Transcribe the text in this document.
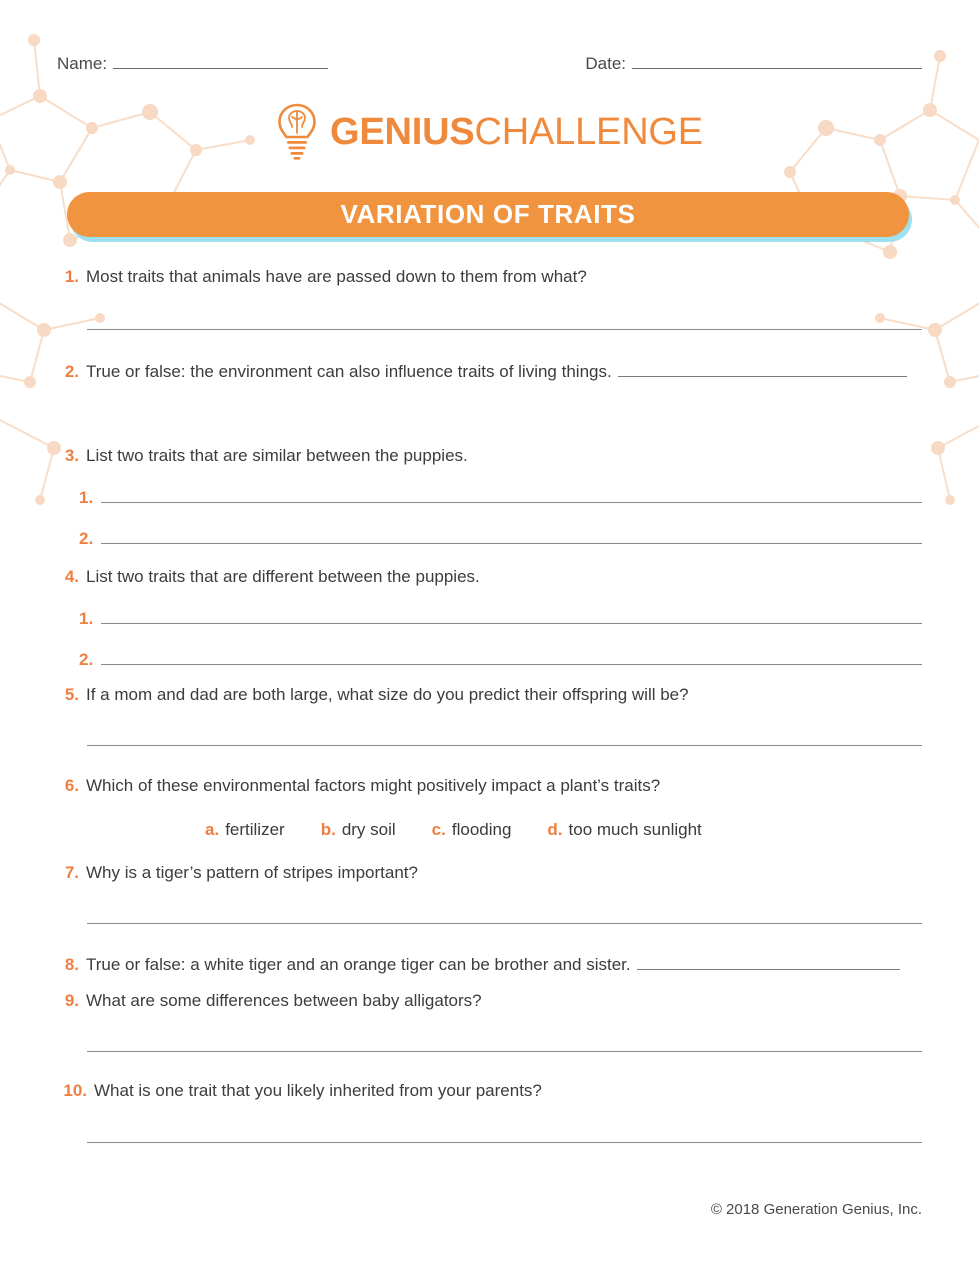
Name:	Date:
GENIUSCHALLENGE
VARIATION OF TRAITS
1. Most traits that animals have are passed down to them from what?
2. True or false: the environment can also influence traits of living things.
3. List two traits that are similar between the puppies.
1.
2.
4. List two traits that are different between the puppies.
1.
2.
5. If a mom and dad are both large, what size do you predict their offspring will be?
6. Which of these environmental factors might positively impact a plant’s traits?
a. fertilizer b. dry soil c. flooding d. too much sunlight
7. Why is a tiger’s pattern of stripes important?
8. True or false: a white tiger and an orange tiger can be brother and sister.
9. What are some differences between baby alligators?
10. What is one trait that you likely inherited from your parents?
© 2018 Generation Genius, Inc.
